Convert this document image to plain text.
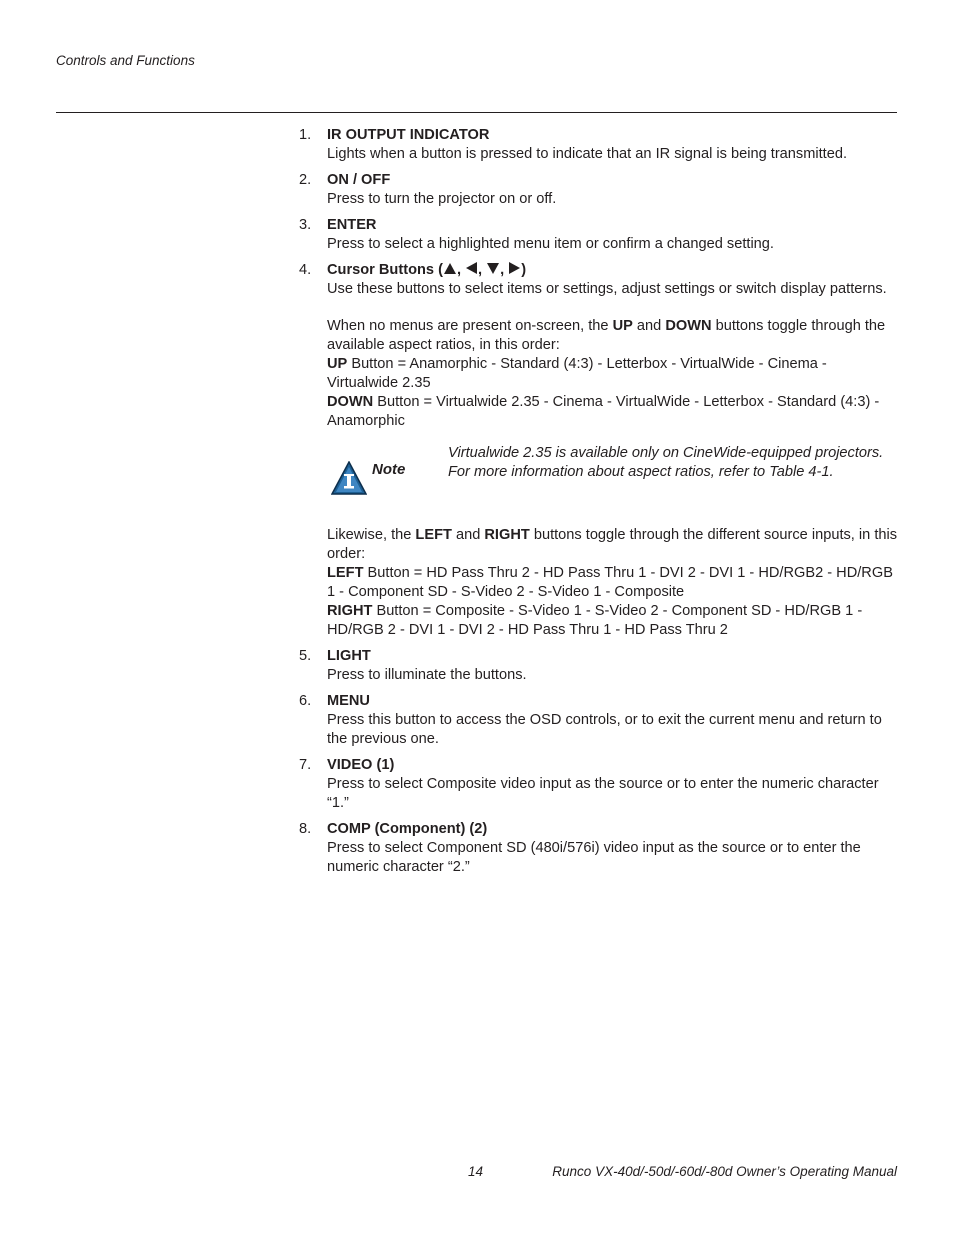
Controls and Functions
1. IR OUTPUT INDICATOR

Lights when a button is pressed to indicate that an IR signal is being transmitted.

2. ON / OFF

Press to turn the projector on or off.

3. ENTER

Press to select a highlighted menu item or confirm a changed setting.

4. Cursor Buttons ( , , , )

Use these buttons to select items or settings, adjust settings or switch display patterns.

When no menus are present on-screen, the UP and DOWN buttons toggle through the available aspect ratios, in this order:

UP Button = Anamorphic - Standard (4:3) - Letterbox - VirtualWide - Cinema - Virtualwide 2.35

DOWN Button = Virtualwide 2.35 - Cinema - VirtualWide - Letterbox - Standard (4:3) - Anamorphic

Note
Virtualwide 2.35 is available only on CineWide-equipped projectors.
For more information about aspect ratios, refer to Table 4-1.

Likewise, the LEFT and RIGHT buttons toggle through the different source inputs, in this order:

LEFT Button = HD Pass Thru 2 - HD Pass Thru 1 - DVI 2 - DVI 1 - HD/RGB2 - HD/RGB 1 - Component SD - S-Video 2 - S-Video 1 - Composite

RIGHT Button = Composite - S-Video 1 - S-Video 2 - Component SD - HD/RGB 1 - HD/RGB 2 - DVI 1 - DVI 2 - HD Pass Thru 1 - HD Pass Thru 2

5. LIGHT

Press to illuminate the buttons.

6. MENU

Press this button to access the OSD controls, or to exit the current menu and return to the previous one.

7. VIDEO (1)

Press to select Composite video input as the source or to enter the numeric character “1.”

8. COMP (Component) (2)

Press to select Component SD (480i/576i) video input as the source or to enter the numeric character “2.”

14	Runco VX-40d/-50d/-60d/-80d Owner’s Operating Manual
